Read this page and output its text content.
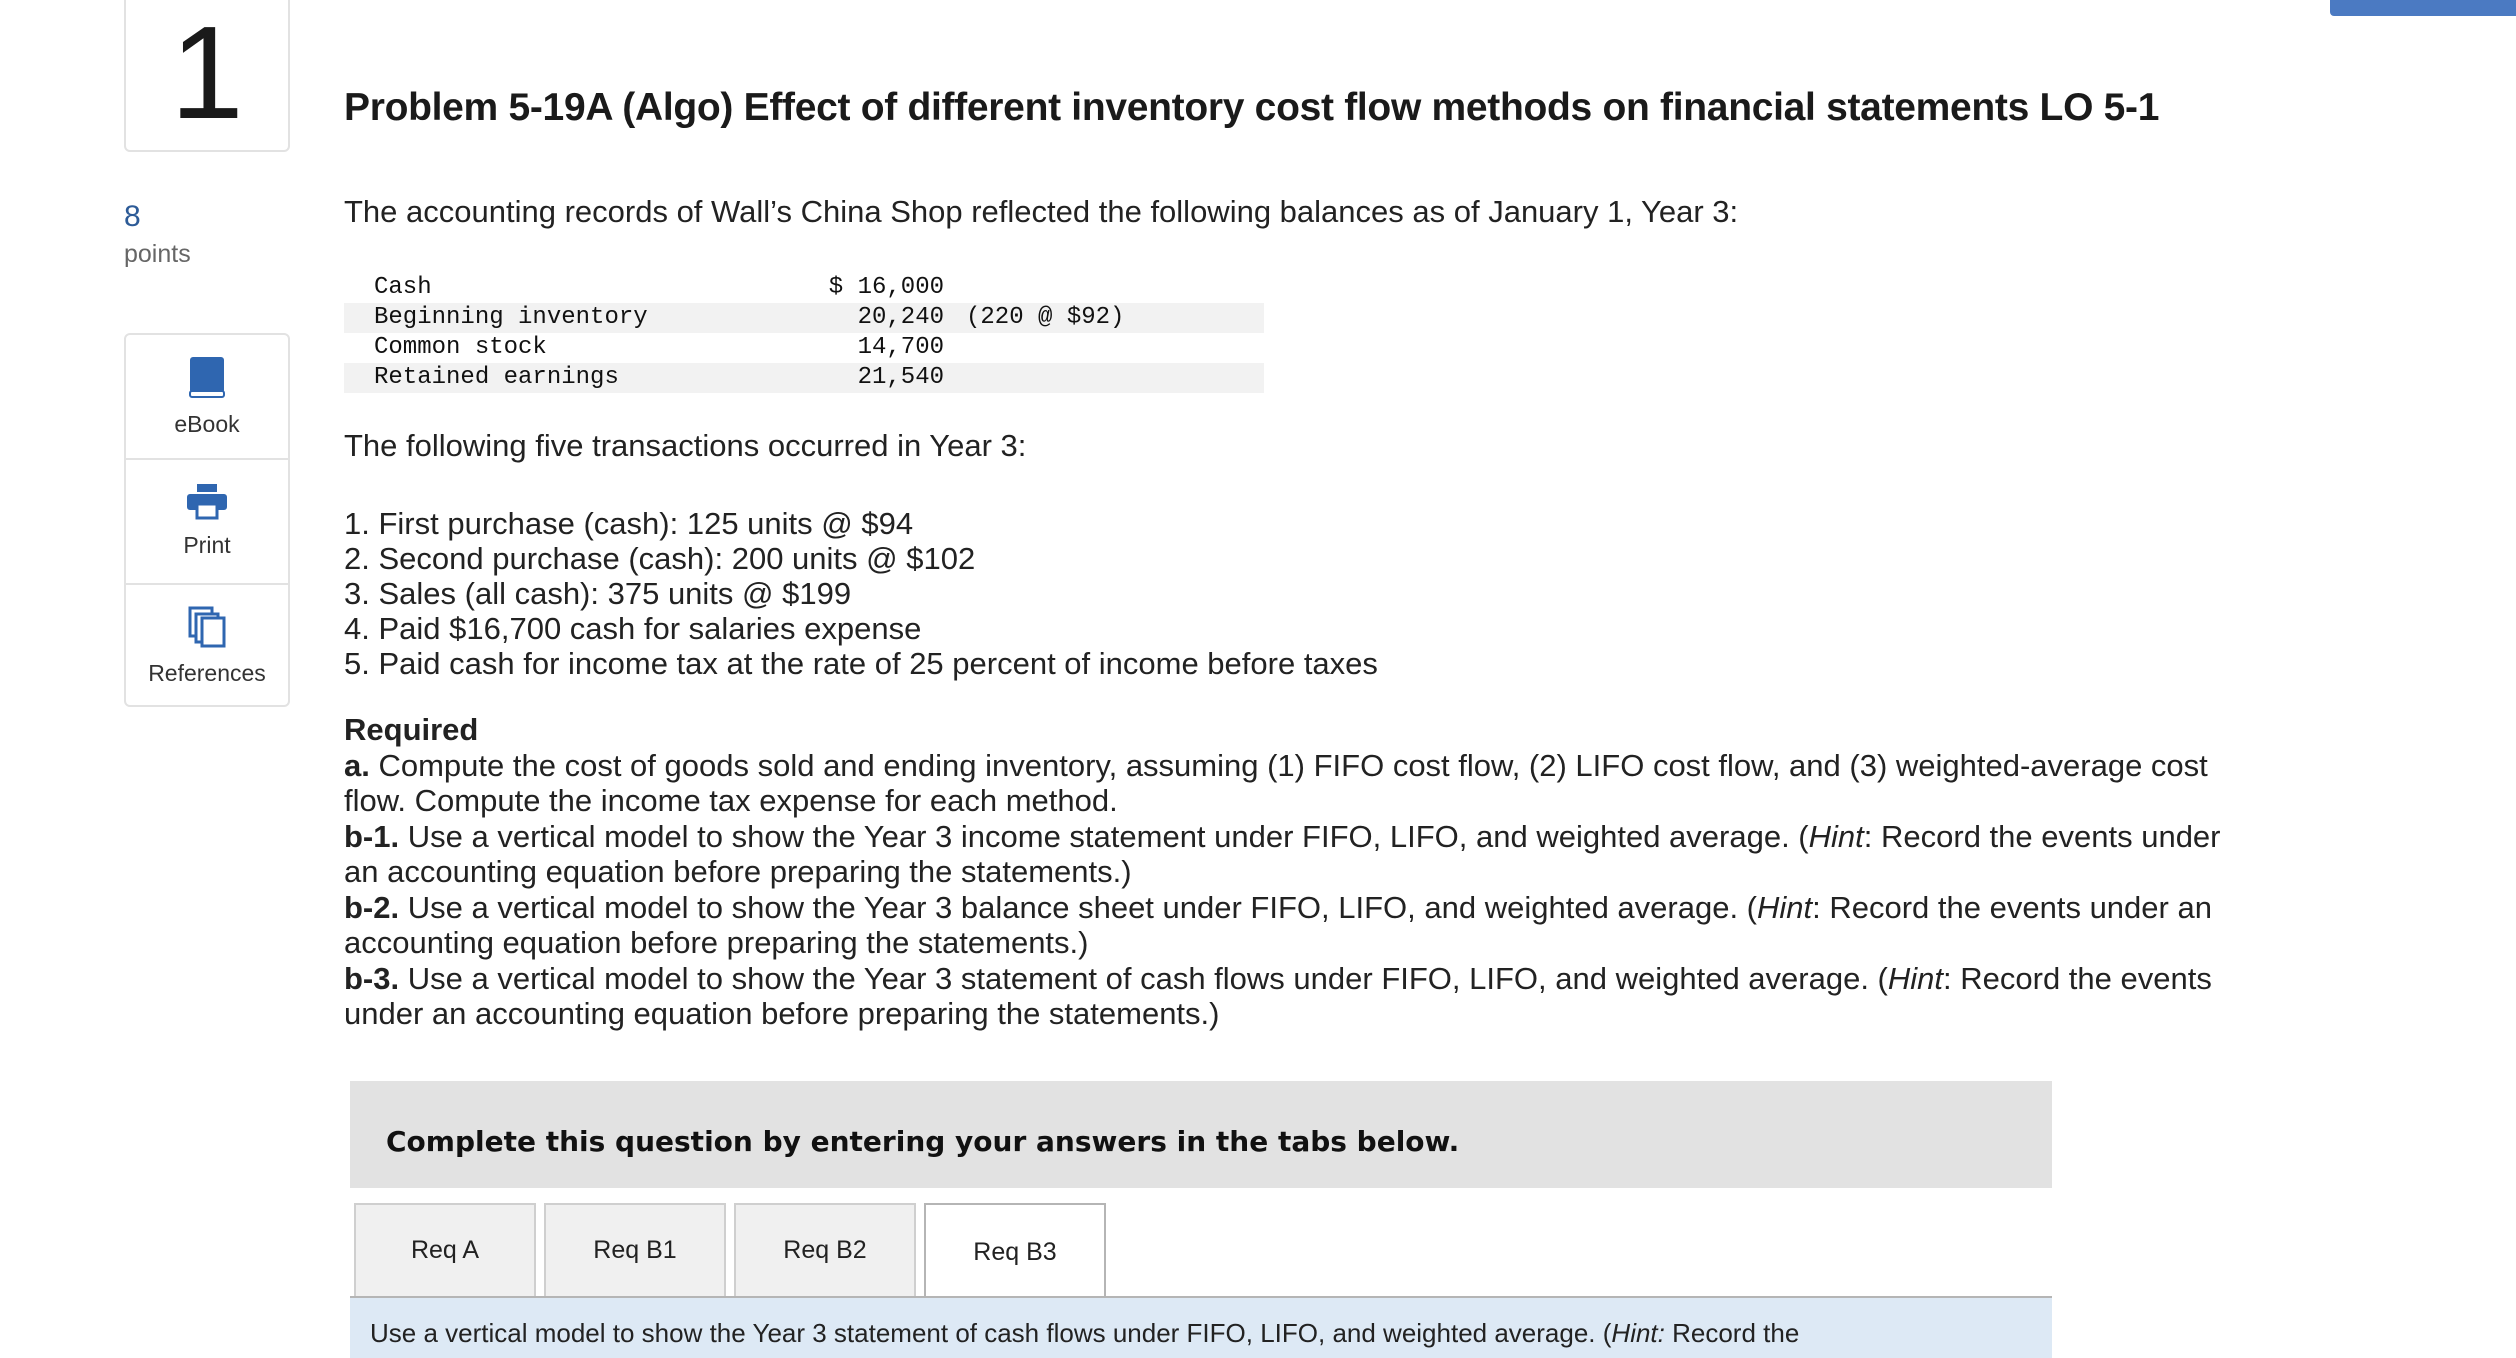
1
8
points
eBook
Print
References
Problem 5-19A (Algo) Effect of different inventory cost flow methods on financial statements LO 5-1

The accounting records of Wall’s China Shop reflected the following balances as of January 1, Year 3:

Cash	$ 16,000	
Beginning inventory	20,240	(220 @ $92)
Common stock	14,700	
Retained earnings	21,540	

The following five transactions occurred in Year 3:

1. First purchase (cash): 125 units @ $94
2. Second purchase (cash): 200 units @ $102
3. Sales (all cash): 375 units @ $199
4. Paid $16,700 cash for salaries expense
5. Paid cash for income tax at the rate of 25 percent of income before taxes

Required

a. Compute the cost of goods sold and ending inventory, assuming (1) FIFO cost flow, (2) LIFO cost flow, and (3) weighted-average cost flow. Compute the income tax expense for each method.

b-1. Use a vertical model to show the Year 3 income statement under FIFO, LIFO, and weighted average. (Hint: Record the events under an accounting equation before preparing the statements.)

b-2. Use a vertical model to show the Year 3 balance sheet under FIFO, LIFO, and weighted average. (Hint: Record the events under an accounting equation before preparing the statements.)

b-3. Use a vertical model to show the Year 3 statement of cash flows under FIFO, LIFO, and weighted average. (Hint: Record the events under an accounting equation before preparing the statements.)

Complete this question by entering your answers in the tabs below.
Req A	Req B1	Req B2	Req B3
Use a vertical model to show the Year 3 statement of cash flows under FIFO, LIFO, and weighted average. (Hint: Record the
